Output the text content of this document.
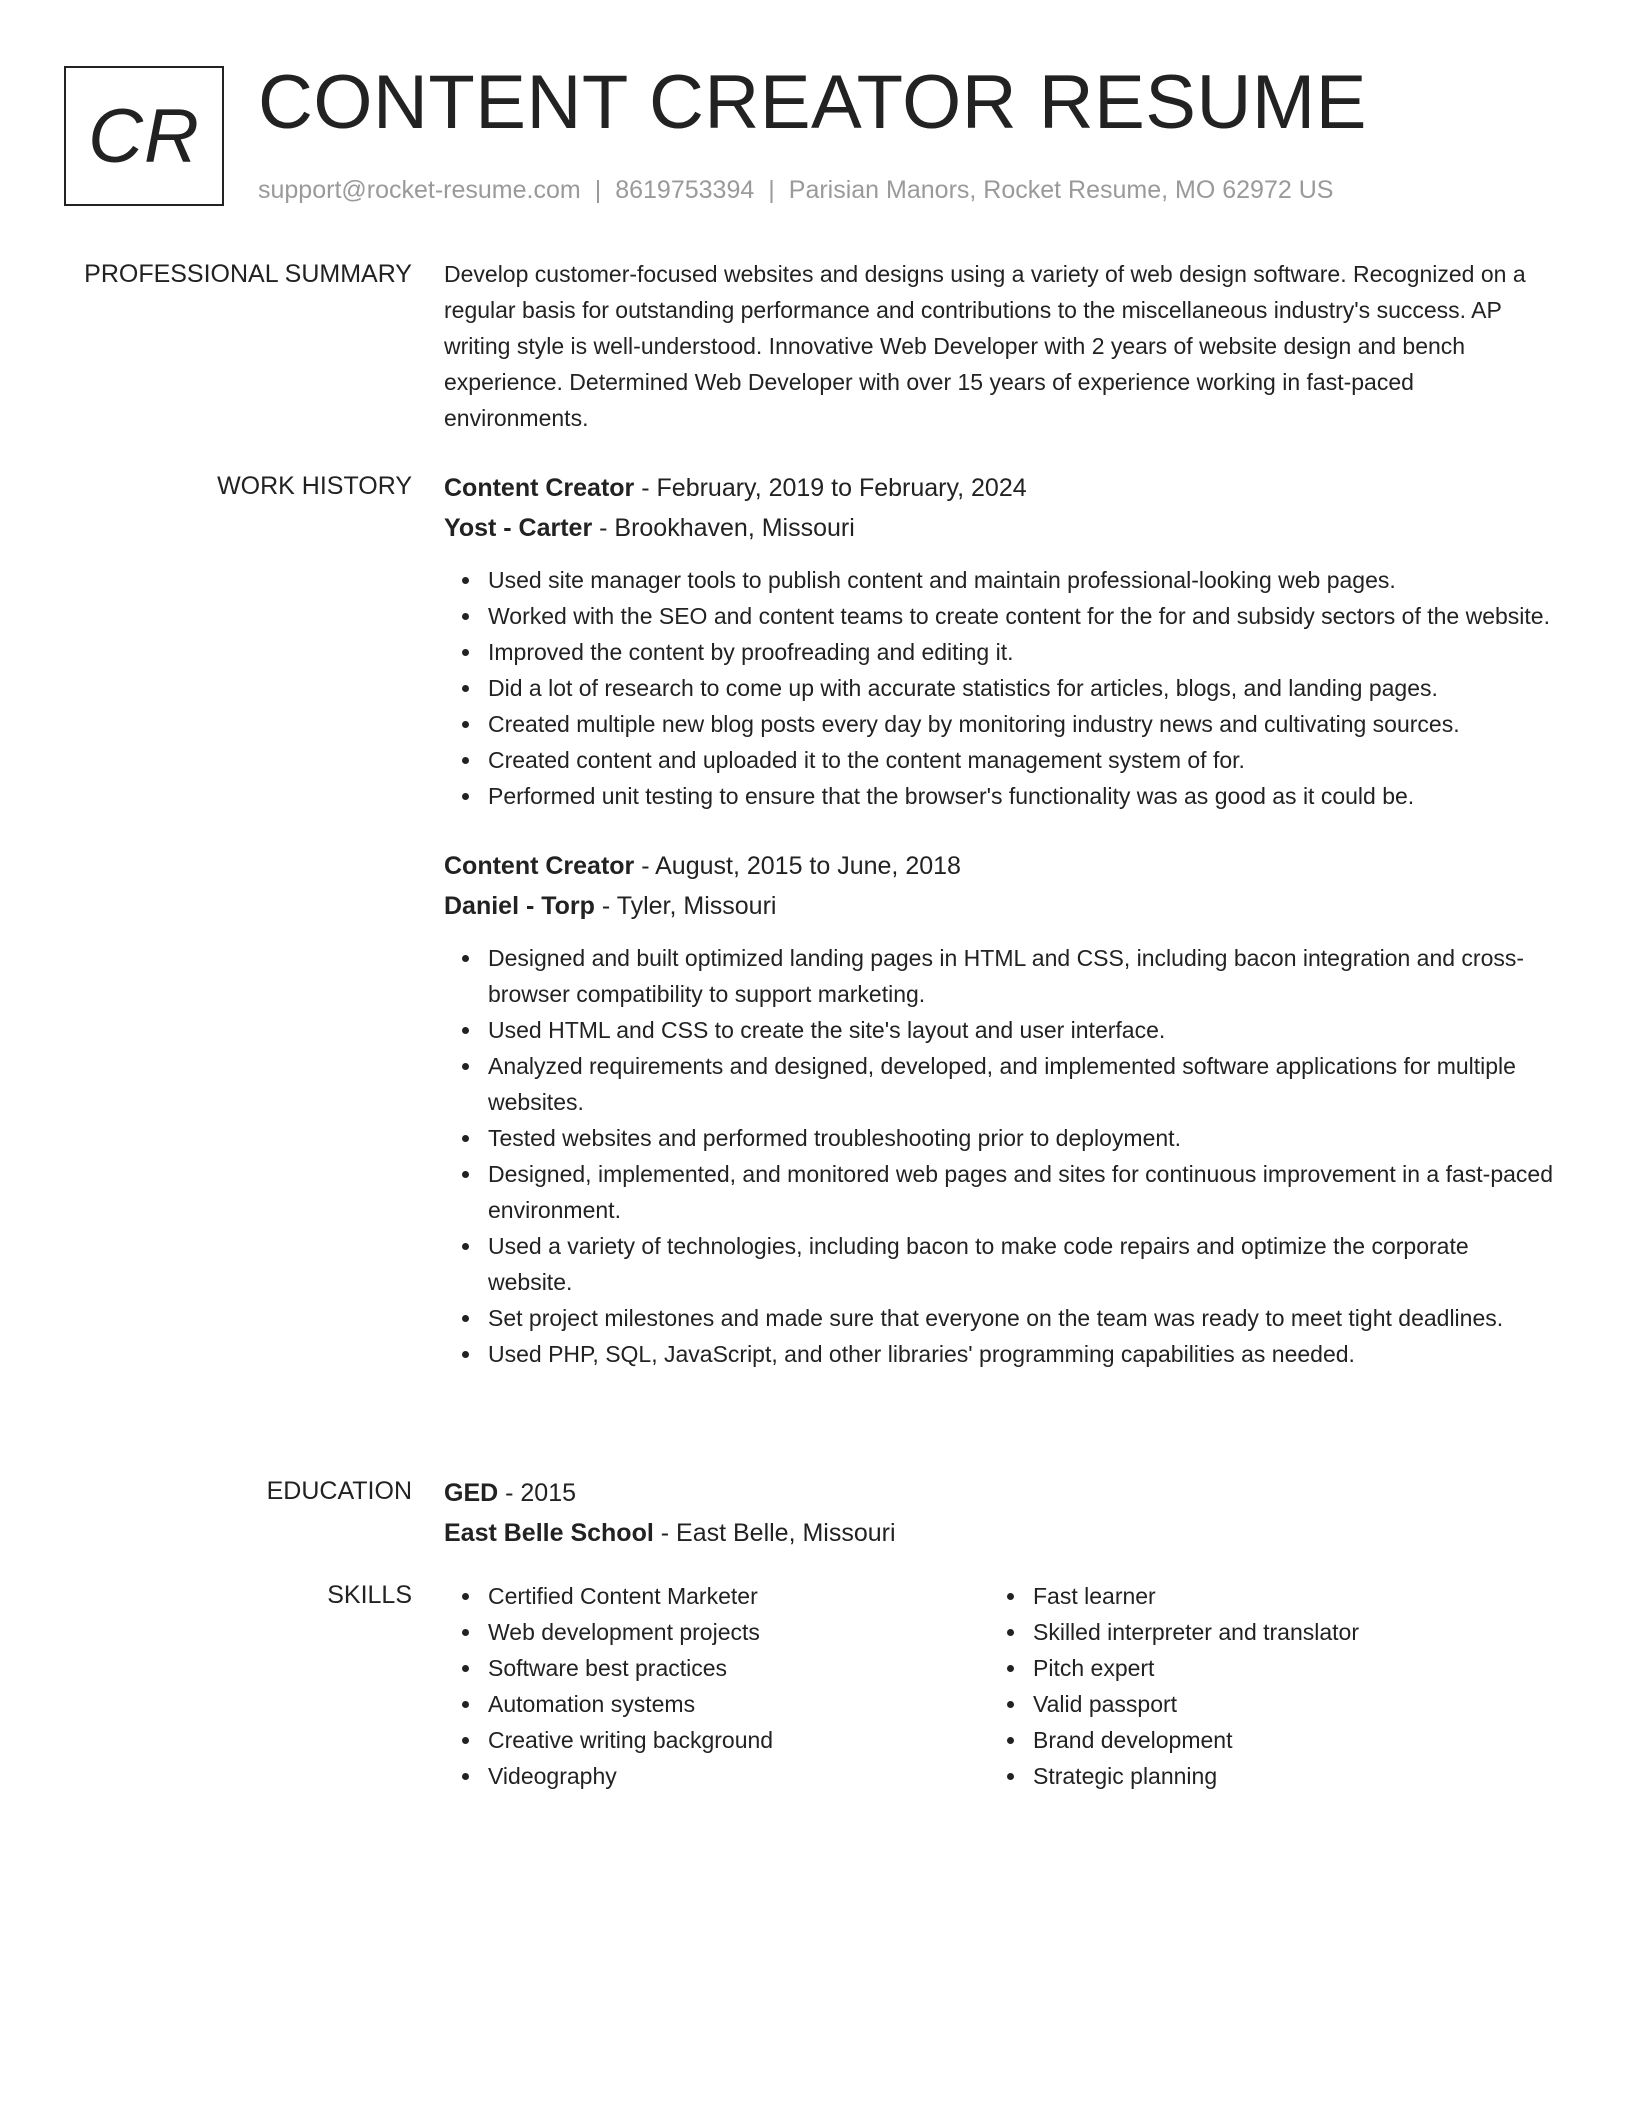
CR CONTENT CREATOR RESUME
support@rocket-resume.com | 8619753394 | Parisian Manors, Rocket Resume, MO 62972 US
PROFESSIONAL SUMMARY Develop customer-focused websites and designs using a variety of web design software. Recognized on a regular basis for outstanding performance and contributions to the miscellaneous industry's success. AP writing style is well-understood. Innovative Web Developer with 2 years of website design and bench experience. Determined Web Developer with over 15 years of experience working in fast-paced environments.

WORK HISTORY Content Creator - February, 2019 to February, 2024
Yost - Carter - Brookhaven, Missouri
Used site manager tools to publish content and maintain professional-looking web pages.
Worked with the SEO and content teams to create content for the for and subsidy sectors of the website.
Improved the content by proofreading and editing it.
Did a lot of research to come up with accurate statistics for articles, blogs, and landing pages.
Created multiple new blog posts every day by monitoring industry news and cultivating sources.
Created content and uploaded it to the content management system of for.
Performed unit testing to ensure that the browser's functionality was as good as it could be.
Content Creator - August, 2015 to June, 2018
Daniel - Torp - Tyler, Missouri
Designed and built optimized landing pages in HTML and CSS, including bacon integration and cross-browser compatibility to support marketing.
Used HTML and CSS to create the site's layout and user interface.
Analyzed requirements and designed, developed, and implemented software applications for multiple websites.
Tested websites and performed troubleshooting prior to deployment.
Designed, implemented, and monitored web pages and sites for continuous improvement in a fast-paced environment.
Used a variety of technologies, including bacon to make code repairs and optimize the corporate website.
Set project milestones and made sure that everyone on the team was ready to meet tight deadlines.
Used PHP, SQL, JavaScript, and other libraries' programming capabilities as needed.
EDUCATION GED - 2015
East Belle School - East Belle, Missouri
SKILLS	Certified Content Marketer
Web development projects
Software best practices
Automation systems
Creative writing background
Videography
Fast learner
Skilled interpreter and translator
Pitch expert
Valid passport
Brand development
Strategic planning
